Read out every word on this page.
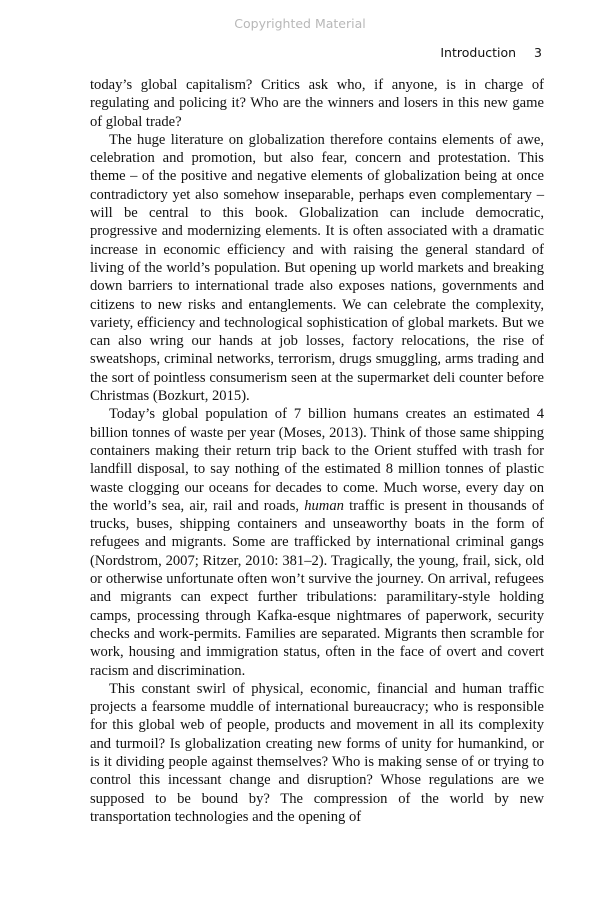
Copyrighted Material
Introduction 3

today’s global capitalism? Critics ask who, if anyone, is in charge of regulating and policing it? Who are the winners and losers in this new game of global trade?

The huge literature on globalization therefore contains elements of awe, celebration and promotion, but also fear, concern and protestation. This theme – of the positive and negative elements of globalization being at once contradictory yet also somehow inseparable, perhaps even complementary – will be central to this book. Globalization can include democratic, progressive and modernizing elements. It is often associated with a dramatic increase in economic efficiency and with raising the general standard of living of the world’s population. But opening up world markets and breaking down barriers to international trade also exposes nations, governments and citizens to new risks and entanglements. We can celebrate the complexity, variety, efficiency and technological sophistication of global markets. But we can also wring our hands at job losses, factory relocations, the rise of sweatshops, criminal networks, terrorism, drugs smuggling, arms trading and the sort of pointless consumerism seen at the supermarket deli counter before Christmas (Bozkurt, 2015).

Today’s global population of 7 billion humans creates an estimated 4 billion tonnes of waste per year (Moses, 2013). Think of those same shipping containers making their return trip back to the Orient stuffed with trash for landfill disposal, to say nothing of the estimated 8 million tonnes of plastic waste clogging our oceans for decades to come. Much worse, every day on the world’s sea, air, rail and roads, human traffic is present in thousands of trucks, buses, shipping containers and unseaworthy boats in the form of refugees and migrants. Some are trafficked by international criminal gangs (Nordstrom, 2007; Ritzer, 2010: 381–2). Tragically, the young, frail, sick, old or otherwise unfortunate often won’t survive the journey. On arrival, refugees and migrants can expect further tribulations: paramilitary-style holding camps, processing through Kafka-esque nightmares of paperwork, security checks and work-permits. Families are separated. Migrants then scramble for work, housing and immigration status, often in the face of overt and covert racism and discrimination.

This constant swirl of physical, economic, financial and human traffic projects a fearsome muddle of international bureaucracy; who is responsible for this global web of people, products and movement in all its complexity and turmoil? Is globalization creating new forms of unity for humankind, or is it dividing people against themselves? Who is making sense of or trying to control this incessant change and disruption? Whose regulations are we supposed to be bound by? The compression of the world by new transportation technologies and the opening of
